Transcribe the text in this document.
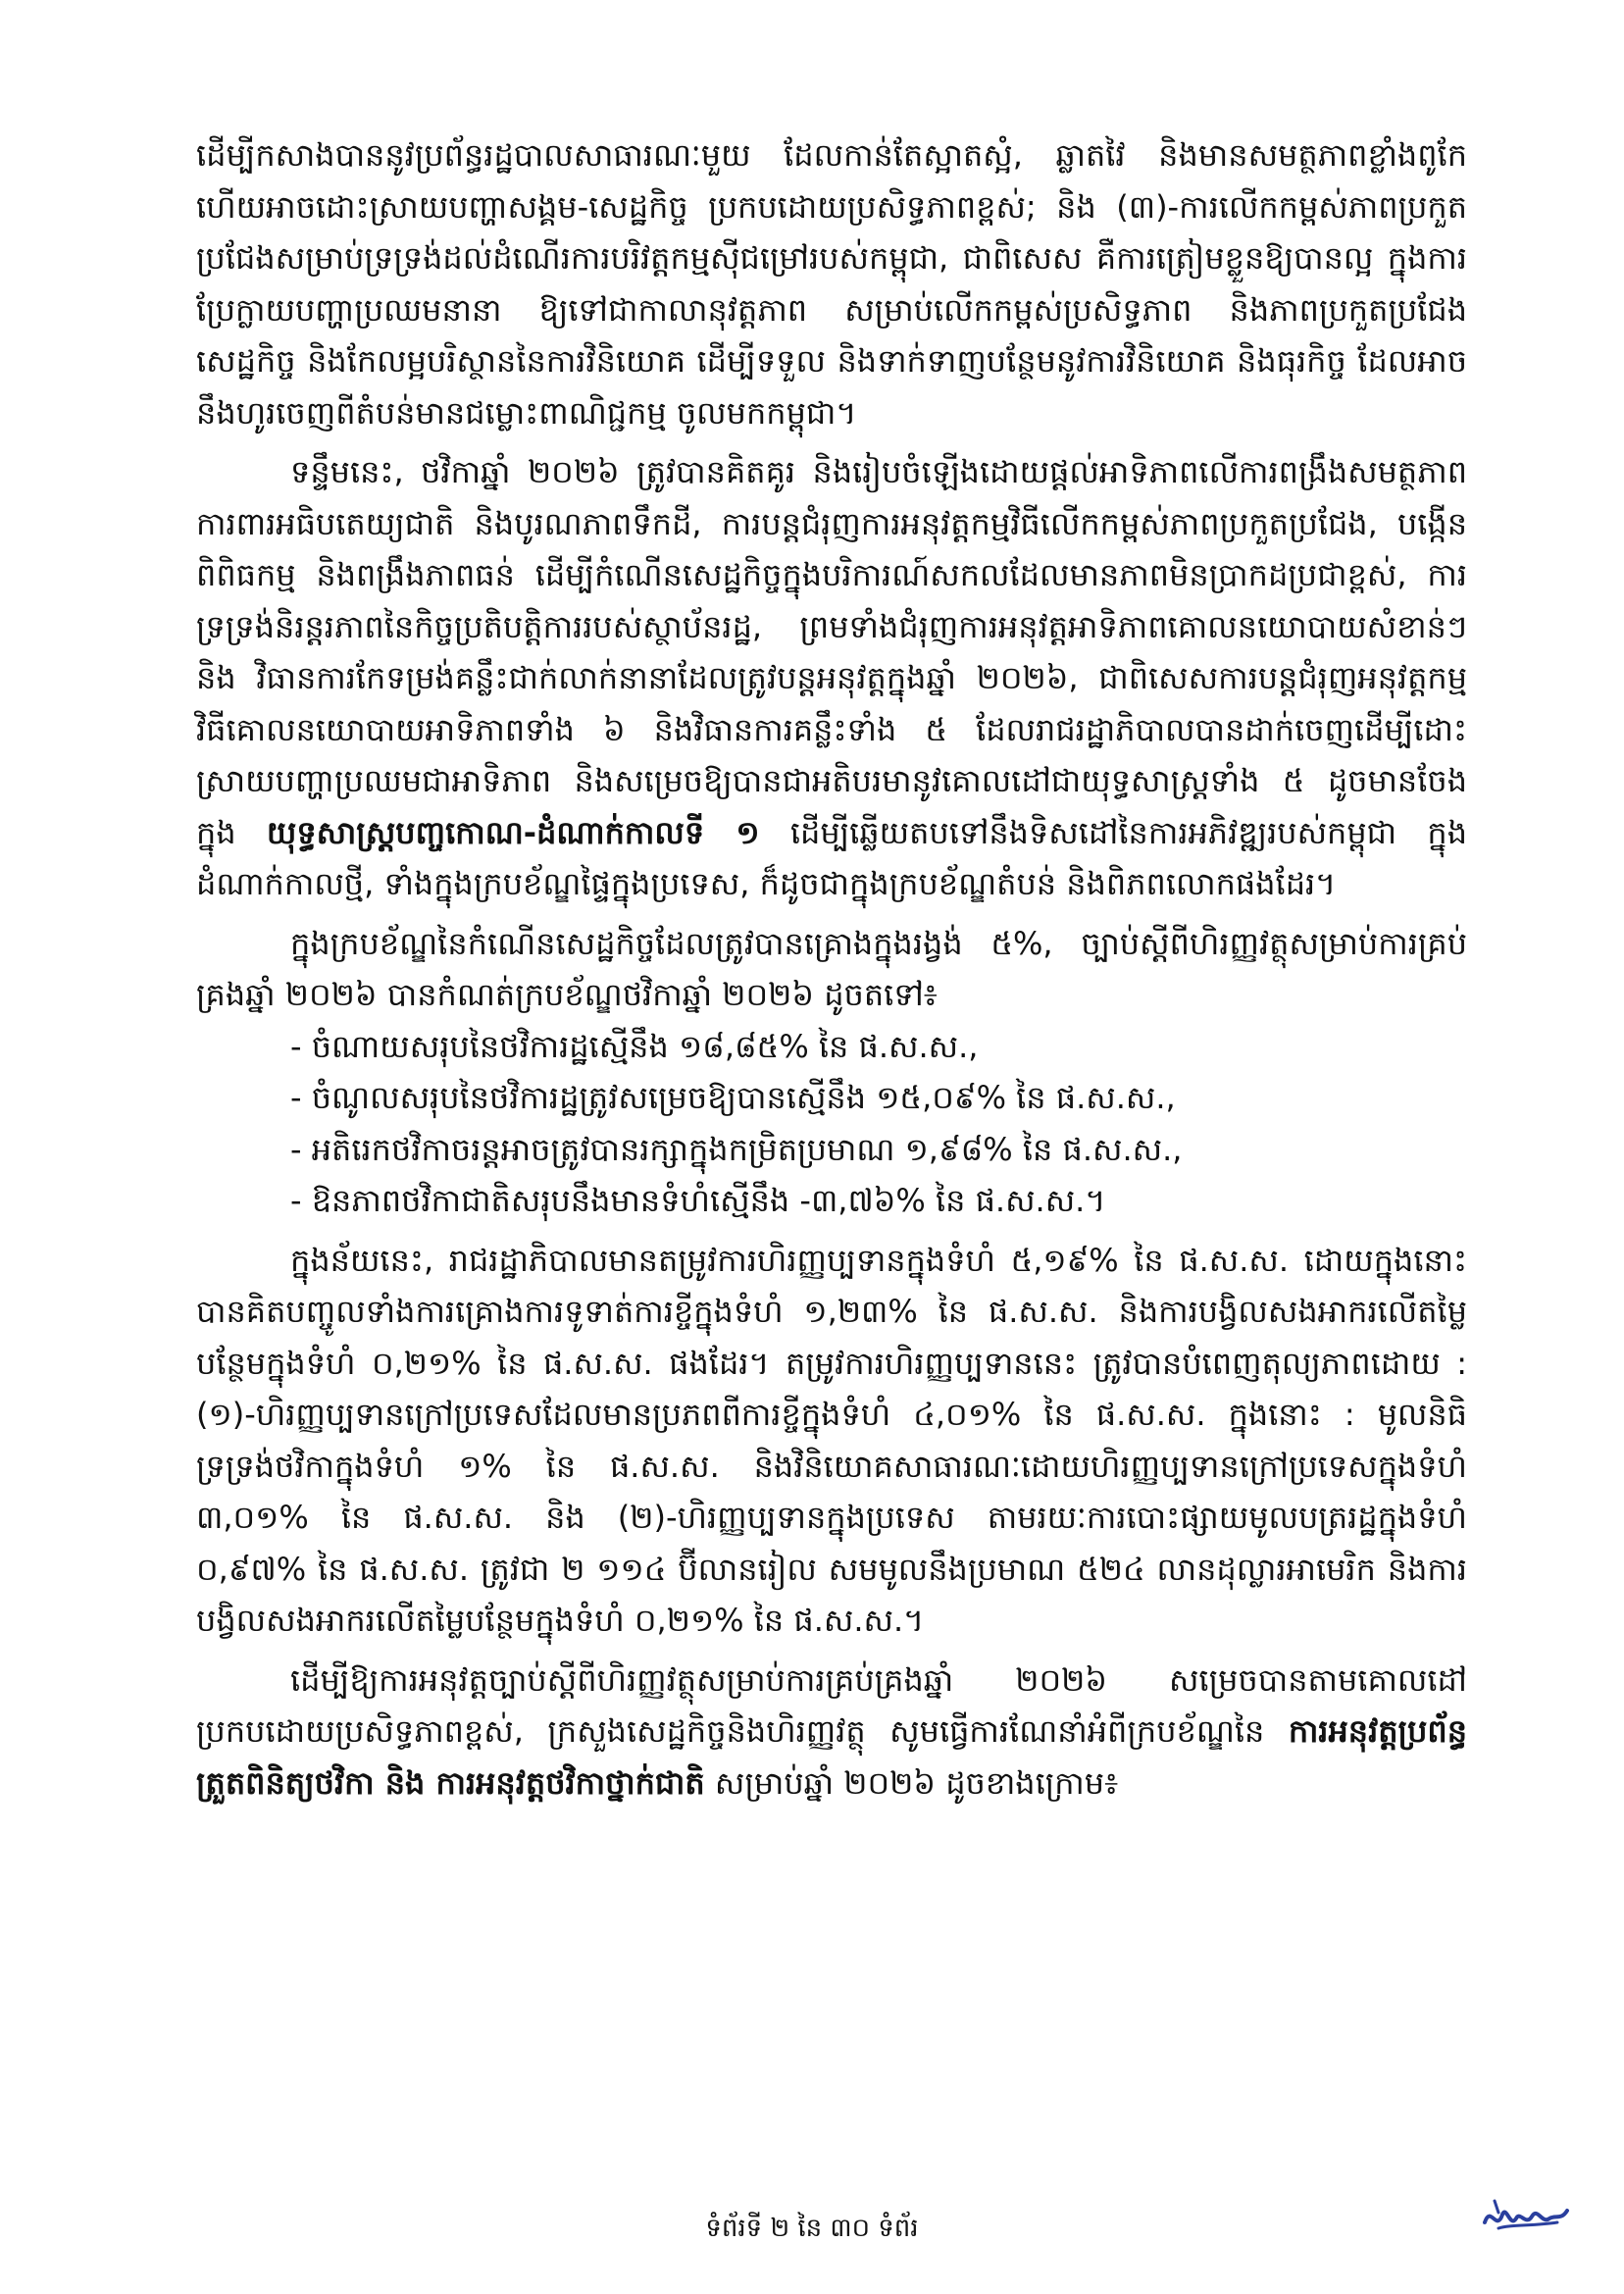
ដើម្បីកសាងបាននូវប្រព័ន្ធរដ្ឋបាលសាធារណៈមួយ ដែលកាន់តែស្អាតស្អំ, ឆ្លាតវៃ និងមានសមត្ថភាពខ្លាំងពូកែ ហើយអាចដោះស្រាយបញ្ហាសង្គម-សេដ្ឋកិច្ច ប្រកបដោយប្រសិទ្ធភាពខ្ពស់; និង (៣)-ការលើកកម្ពស់ភាពប្រកួតប្រជែងសម្រាប់ទ្រទ្រង់ដល់ដំណើរការបរិវត្តកម្មស៊ីជម្រៅរបស់កម្ពុជា, ជាពិសេស គឺការត្រៀមខ្លួនឱ្យបានល្អ ក្នុងការប្រែក្លាយបញ្ហាប្រឈមនានា ឱ្យទៅជាកាលានុវត្តភាព សម្រាប់លើកកម្ពស់ប្រសិទ្ធភាព និងភាពប្រកួតប្រជែងសេដ្ឋកិច្ច និងកែលម្អបរិស្ថាននៃការវិនិយោគ ដើម្បីទទួល និងទាក់ទាញបន្ថែមនូវការវិនិយោគ និងធុរកិច្ច ដែលអាចនឹងហូរចេញពីតំបន់មានជម្លោះពាណិជ្ជកម្ម ចូលមកកម្ពុជា។

ទន្ទឹមនេះ, ថវិកាឆ្នាំ ២០២៦ ត្រូវបានគិតគូរ និងរៀបចំឡើងដោយផ្តល់អាទិភាពលើការពង្រឹងសមត្ថភាពការពារអធិបតេយ្យជាតិ និងបូរណភាពទឹកដី, ការបន្តជំរុញការអនុវត្តកម្មវិធីលើកកម្ពស់ភាពប្រកួតប្រជែង, បង្កើនពិពិធកម្ម និងពង្រឹងភាពធន់ ដើម្បីកំណើនសេដ្ឋកិច្ចក្នុងបរិការណ៍សកលដែលមានភាពមិនប្រាកដប្រជាខ្ពស់, ការទ្រទ្រង់និរន្តរភាពនៃកិច្ចប្រតិបត្តិការរបស់ស្ថាប័នរដ្ឋ, ព្រមទាំងជំរុញការអនុវត្តអាទិភាពគោលនយោបាយសំខាន់ៗ និង វិធានការកែទម្រង់គន្លឹះជាក់លាក់នានាដែលត្រូវបន្តអនុវត្តក្នុងឆ្នាំ ២០២៦, ជាពិសេសការបន្តជំរុញអនុវត្តកម្មវិធីគោលនយោបាយអាទិភាពទាំង ៦ និងវិធានការគន្លឹះទាំង ៥ ដែលរាជរដ្ឋាភិបាលបានដាក់ចេញដើម្បីដោះស្រាយបញ្ហាប្រឈមជាអាទិភាព និងសម្រេចឱ្យបានជាអតិបរមានូវគោលដៅជាយុទ្ធសាស្ត្រទាំង ៥ ដូចមានចែងក្នុង យុទ្ធសាស្ត្របញ្ចកោណ-ដំណាក់កាលទី ១ ដើម្បីឆ្លើយតបទៅនឹងទិសដៅនៃការអភិវឌ្ឍរបស់កម្ពុជា ក្នុងដំណាក់កាលថ្មី, ទាំងក្នុងក្របខ័ណ្ឌផ្ទៃក្នុងប្រទេស, ក៏ដូចជាក្នុងក្របខ័ណ្ឌតំបន់ និងពិភពលោកផងដែរ។

ក្នុងក្របខ័ណ្ឌនៃកំណើនសេដ្ឋកិច្ចដែលត្រូវបានគ្រោងក្នុងរង្វង់ ៥%, ច្បាប់ស្តីពីហិរញ្ញវត្ថុសម្រាប់ការគ្រប់គ្រងឆ្នាំ ២០២៦ បានកំណត់ក្របខ័ណ្ឌថវិកាឆ្នាំ ២០២៦ ដូចតទៅ៖

- ចំណាយសរុបនៃថវិការដ្ឋស្មើនឹង ១៨,៨៥% នៃ ផ.ស.ស.,

- ចំណូលសរុបនៃថវិការដ្ឋត្រូវសម្រេចឱ្យបានស្មើនឹង ១៥,០៩% នៃ ផ.ស.ស.,

- អតិរេកថវិកាចរន្តអាចត្រូវបានរក្សាក្នុងកម្រិតប្រមាណ ១,៩៨% នៃ ផ.ស.ស.,

- ឱនភាពថវិកាជាតិសរុបនឹងមានទំហំស្មើនឹង -៣,៧៦% នៃ ផ.ស.ស.។

ក្នុងន័យនេះ, រាជរដ្ឋាភិបាលមានតម្រូវការហិរញ្ញប្បទានក្នុងទំហំ ៥,១៩% នៃ ផ.ស.ស. ដោយក្នុងនោះបានគិតបញ្ចូលទាំងការគ្រោងការទូទាត់ការខ្ចីក្នុងទំហំ ១,២៣% នៃ ផ.ស.ស. និងការបង្វិលសងអាករលើតម្លៃបន្ថែមក្នុងទំហំ ០,២១% នៃ ផ.ស.ស. ផងដែរ។ តម្រូវការហិរញ្ញប្បទាននេះ ត្រូវបានបំពេញតុល្យភាពដោយ : (១)-ហិរញ្ញប្បទានក្រៅប្រទេសដែលមានប្រភពពីការខ្ចីក្នុងទំហំ ៤,០១% នៃ ផ.ស.ស. ក្នុងនោះ : មូលនិធិទ្រទ្រង់ថវិកាក្នុងទំហំ ១% នៃ ផ.ស.ស. និងវិនិយោគសាធារណៈដោយហិរញ្ញប្បទានក្រៅប្រទេសក្នុងទំហំ ៣,០១% នៃ ផ.ស.ស. និង (២)-ហិរញ្ញប្បទានក្នុងប្រទេស តាមរយៈការបោះផ្សាយមូលបត្ររដ្ឋក្នុងទំហំ ០,៩៧% នៃ ផ.ស.ស. ត្រូវជា ២ ១១៤ ប៊ីលានរៀល សមមូលនឹងប្រមាណ ៥២៤ លានដុល្លារអាមេរិក និងការបង្វិលសងអាករលើតម្លៃបន្ថែមក្នុងទំហំ ០,២១% នៃ ផ.ស.ស.។

ដើម្បីឱ្យការអនុវត្តច្បាប់ស្តីពីហិរញ្ញវត្ថុសម្រាប់ការគ្រប់គ្រងឆ្នាំ ២០២៦ សម្រេចបានតាមគោលដៅប្រកបដោយប្រសិទ្ធភាពខ្ពស់, ក្រសួងសេដ្ឋកិច្ចនិងហិរញ្ញវត្ថុ សូមធ្វើការណែនាំអំពីក្របខ័ណ្ឌនៃ ការអនុវត្តប្រព័ន្ធត្រួតពិនិត្យថវិកា និង ការអនុវត្តថវិកាថ្នាក់ជាតិ សម្រាប់ឆ្នាំ ២០២៦ ដូចខាងក្រោម៖

ទំព័រទី ២ នៃ ៣០ ទំព័រ
